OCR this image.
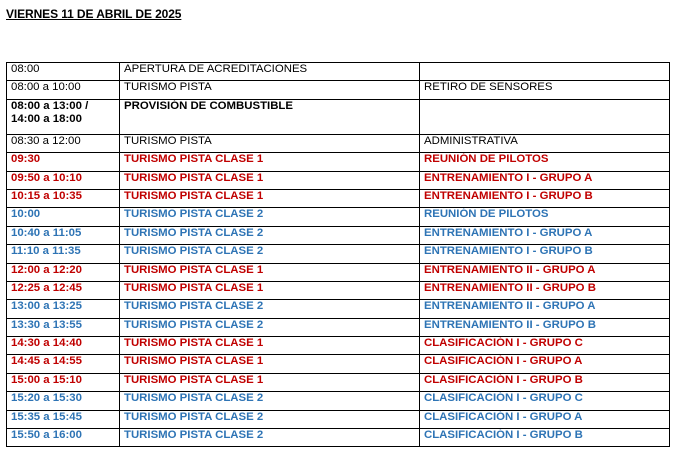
VIERNES 11 DE ABRIL DE 2025
08:00	APERTURA DE ACREDITACIONES	
08:00 a 10:00	TURISMO PISTA	RETIRO DE SENSORES
08:00 a 13:00 / 14:00 a 18:00	PROVISIÓN DE COMBUSTIBLE	
08:30 a 12:00	TURISMO PISTA	ADMINISTRATIVA
09:30	TURISMO PISTA CLASE 1	REUNIÓN DE PILOTOS
09:50 a 10:10	TURISMO PISTA CLASE 1	ENTRENAMIENTO I - GRUPO A
10:15 a 10:35	TURISMO PISTA CLASE 1	ENTRENAMIENTO I - GRUPO B
10:00	TURISMO PISTA CLASE 2	REUNIÓN DE PILOTOS
10:40 a 11:05	TURISMO PISTA CLASE 2	ENTRENAMIENTO I - GRUPO A
11:10 a 11:35	TURISMO PISTA CLASE 2	ENTRENAMIENTO I - GRUPO B
12:00 a 12:20	TURISMO PISTA CLASE 1	ENTRENAMIENTO II - GRUPO A
12:25 a 12:45	TURISMO PISTA CLASE 1	ENTRENAMIENTO II - GRUPO B
13:00 a 13:25	TURISMO PISTA CLASE 2	ENTRENAMIENTO II - GRUPO A
13:30 a 13:55	TURISMO PISTA CLASE 2	ENTRENAMIENTO II - GRUPO B
14:30 a 14:40	TURISMO PISTA CLASE 1	CLASIFICACIÓN I - GRUPO C
14:45 a 14:55	TURISMO PISTA CLASE 1	CLASIFICACIÓN I - GRUPO A
15:00 a 15:10	TURISMO PISTA CLASE 1	CLASIFICACIÓN I - GRUPO B
15:20 a 15:30	TURISMO PISTA CLASE 2	CLASIFICACIÓN I - GRUPO C
15:35 a 15:45	TURISMO PISTA CLASE 2	CLASIFICACIÓN I - GRUPO A
15:50 a 16:00	TURISMO PISTA CLASE 2	CLASIFICACIÓN I - GRUPO B
